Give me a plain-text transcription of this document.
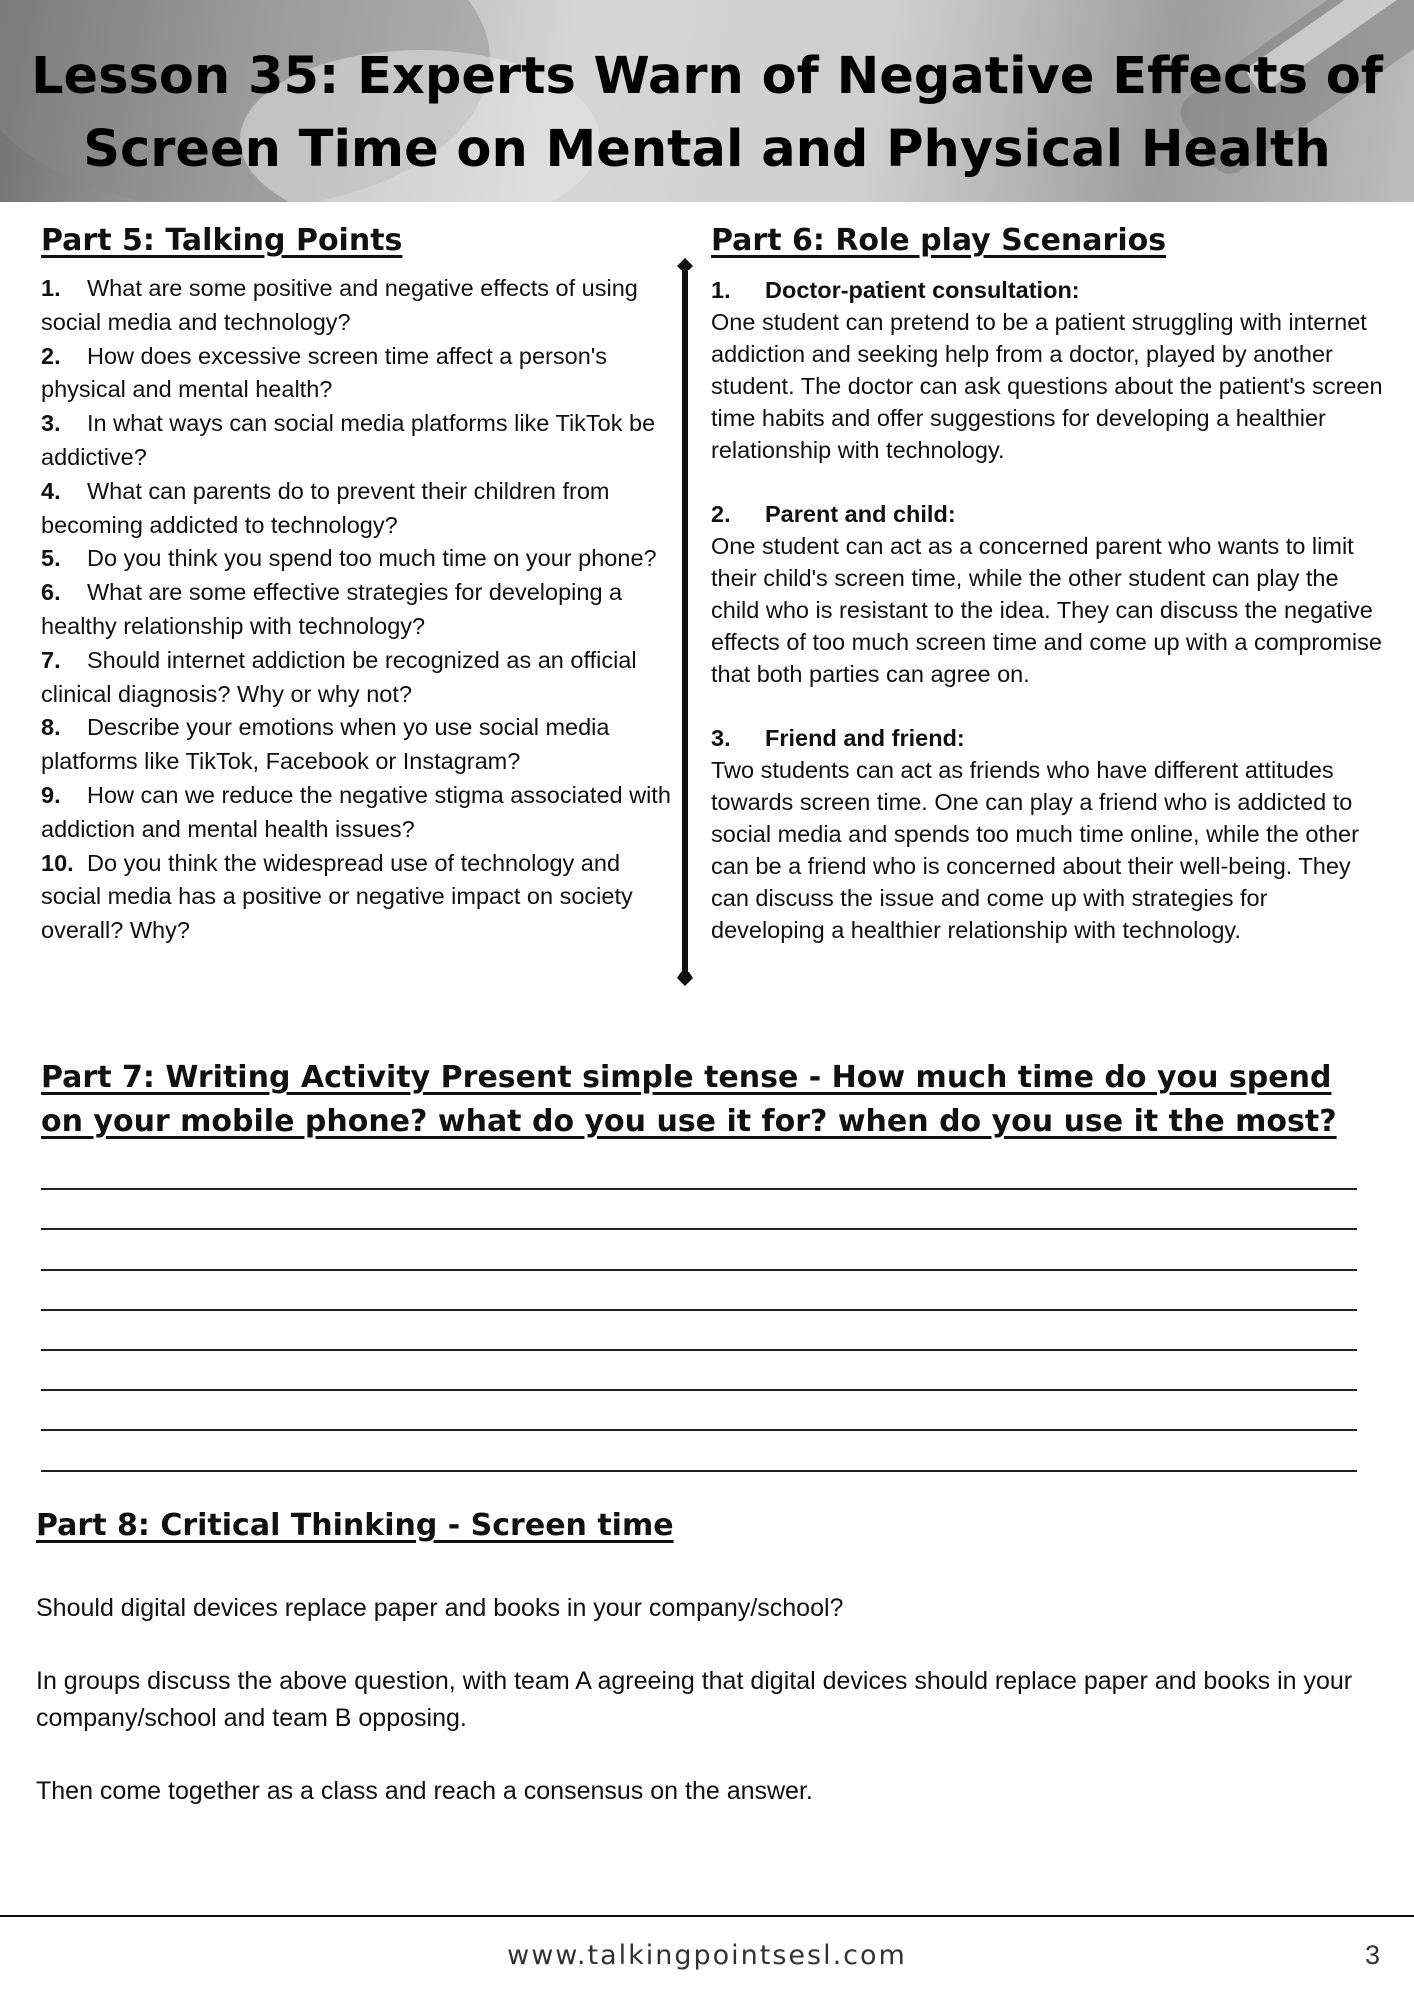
Lesson 35: Experts Warn of Negative Effects of
Screen Time on Mental and Physical Health
Part 5: Talking Points
1. What are some positive and negative effects of using social media and technology?
2. How does excessive screen time affect a person's physical and mental health?
3. In what ways can social media platforms like TikTok be addictive?
4. What can parents do to prevent their children from becoming addicted to technology?
5. Do you think you spend too much time on your phone?
6. What are some effective strategies for developing a healthy relationship with technology?
7. Should internet addiction be recognized as an official clinical diagnosis? Why or why not?
8. Describe your emotions when yo use social media platforms like TikTok, Facebook or Instagram?
9. How can we reduce the negative stigma associated with addiction and mental health issues?
10. Do you think the widespread use of technology and social media has a positive or negative impact on society overall? Why?
Part 6: Role play Scenarios
1. Doctor-patient consultation:
One student can pretend to be a patient struggling with internet addiction and seeking help from a doctor, played by another student. The doctor can ask questions about the patient's screen time habits and offer suggestions for developing a healthier relationship with technology.
2. Parent and child:
One student can act as a concerned parent who wants to limit their child's screen time, while the other student can play the child who is resistant to the idea. They can discuss the negative effects of too much screen time and come up with a compromise that both parties can agree on.
3. Friend and friend:
Two students can act as friends who have different attitudes towards screen time. One can play a friend who is addicted to social media and spends too much time online, while the other can be a friend who is concerned about their well-being. They can discuss the issue and come up with strategies for developing a healthier relationship with technology.
Part 7: Writing Activity Present simple tense - How much time do you spend on your mobile phone? what do you use it for? when do you use it the most?
Part 8: Critical Thinking - Screen time

Should digital devices replace paper and books in your company/school?

In groups discuss the above question, with team A agreeing that digital devices should replace paper and books in your company/school and team B opposing.

Then come together as a class and reach a consensus on the answer.

www.talkingpointsesl.com	3
